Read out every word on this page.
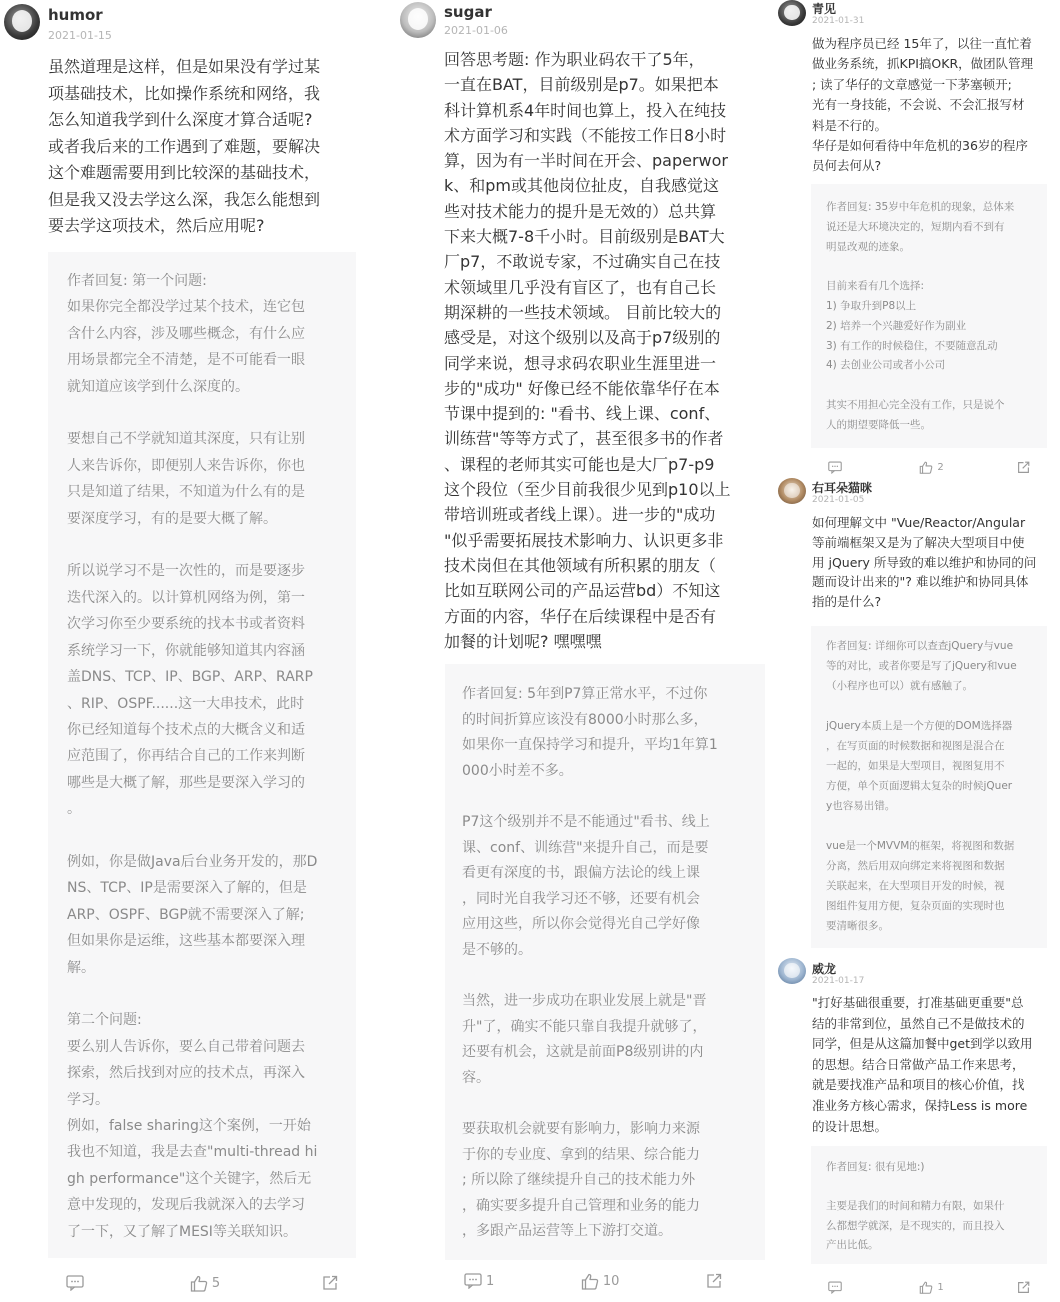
humor
2021-01-15

虽然道理是这样，但是如果没有学过某
项基础技术，比如操作系统和网络，我
怎么知道我学到什么深度才算合适呢?
或者我后来的工作遇到了难题，要解决
这个难题需要用到比较深的基础技术，
但是我又没去学这么深，我怎么能想到
要去学这项技术，然后应用呢?

作者回复: 第一个问题:
如果你完全都没学过某个技术，连它包
含什么内容，涉及哪些概念，有什么应
用场景都完全不清楚，是不可能看一眼
就知道应该学到什么深度的。

要想自己不学就知道其深度，只有让别
人来告诉你，即便别人来告诉你，你也
只是知道了结果，不知道为什么有的是
要深度学习，有的是要大概了解。

所以说学习不是一次性的，而是要逐步
迭代深入的。以计算机网络为例，第一
次学习你至少要系统的找本书或者资料
系统学习一下，你就能够知道其内容涵
盖DNS、TCP、IP、BGP、ARP、RARP
、RIP、OSPF......这一大串技术，此时
你已经知道每个技术点的大概含义和适
应范围了，你再结合自己的工作来判断
哪些是大概了解，那些是要深入学习的
。

例如，你是做Java后台业务开发的，那D
NS、TCP、IP是需要深入了解的，但是
ARP、OSPF、BGP就不需要深入了解;
但如果你是运维，这些基本都要深入理
解。

第二个问题:
要么别人告诉你，要么自己带着问题去
探索，然后找到对应的技术点，再深入
学习。
例如，false sharing这个案例，一开始
我也不知道，我是去查"multi-thread hi
gh performance"这个关键字，然后无
意中发现的，发现后我就深入的去学习
了一下，又了解了MESI等关联知识。

5
sugar
2021-01-06

回答思考题: 作为职业码农干了5年，
一直在BAT，目前级别是p7。如果把本
科计算机系4年时间也算上，投入在纯技
术方面学习和实践（不能按工作日8小时
算，因为有一半时间在开会、paperwor
k、和pm或其他岗位扯皮，自我感觉这
些对技术能力的提升是无效的）总共算
下来大概7-8千小时。目前级别是BAT大
厂p7，不敢说专家，不过确实自己在技
术领域里几乎没有盲区了，也有自己长
期深耕的一些技术领域。 目前比较大的
感受是，对这个级别以及高于p7级别的
同学来说，想寻求码农职业生涯里进一
步的"成功" 好像已经不能依靠华仔在本
节课中提到的: "看书、线上课、conf、
训练营"等等方式了，甚至很多书的作者
、课程的老师其实可能也是大厂p7-p9
这个段位（至少目前我很少见到p10以上
带培训班或者线上课）。进一步的"成功
"似乎需要拓展技术影响力、认识更多非
技术岗但在其他领域有所积累的朋友（
比如互联网公司的产品运营bd）不知这
方面的内容，华仔在后续课程中是否有
加餐的计划呢? 嘿嘿嘿

作者回复: 5年到P7算正常水平，不过你
的时间折算应该没有8000小时那么多，
如果你一直保持学习和提升，平均1年算1
000小时差不多。

P7这个级别并不是不能通过"看书、线上
课、conf、训练营"来提升自己，而是要
看更有深度的书，跟偏方法论的线上课
，同时光自我学习还不够，还要有机会
应用这些，所以你会觉得光自己学好像
是不够的。

当然，进一步成功在职业发展上就是"晋
升"了，确实不能只靠自我提升就够了，
还要有机会，这就是前面P8级别讲的内
容。

要获取机会就要有影响力，影响力来源
于你的专业度、拿到的结果、综合能力
; 所以除了继续提升自己的技术能力外
，确实要多提升自己管理和业务的能力
，多跟产品运营等上下游打交道。

1	10
青见
2021-01-31

做为程序员已经 15年了，以往一直忙着
做业务系统，抓KPI搞OKR，做团队管理
; 读了华仔的文章感觉一下茅塞顿开;
光有一身技能，不会说、不会汇报写材
料是不行的。
华仔是如何看待中年危机的36岁的程序
员何去何从?

作者回复: 35岁中年危机的现象，总体来
说还是大环境决定的，短期内看不到有
明显改观的迹象。

目前来看有几个选择:
1) 争取升到P8以上
2) 培养一个兴趣爱好作为副业
3) 有工作的时候稳住，不要随意乱动
4) 去创业公司或者小公司

其实不用担心完全没有工作，只是说个
人的期望要降低一些。

2
右耳朵猫咪
2021-01-05

如何理解文中 "Vue/Reactor/Angular
等前端框架又是为了解决大型项目中使
用 jQuery 所导致的难以维护和协同的问
题而设计出来的"? 难以维护和协同具体
指的是什么?

作者回复: 详细你可以查查jQuery与vue
等的对比，或者你要是写了jQuery和vue
（小程序也可以）就有感触了。

jQuery本质上是一个方便的DOM选择器
，在写页面的时候数据和视图是混合在
一起的，如果是大型项目，视图复用不
方便，单个页面逻辑太复杂的时候jQuer
y也容易出错。

vue是一个MVVM的框架，将视图和数据
分离，然后用双向绑定来将视图和数据
关联起来，在大型项目开发的时候，视
图组件复用方便，复杂页面的实现时也
要清晰很多。

威龙
2021-01-17

"打好基础很重要，打准基础更重要"总
结的非常到位，虽然自己不是做技术的
同学，但是从这篇加餐中get到学以致用
的思想。结合日常做产品工作来思考，
就是要找准产品和项目的核心价值，找
准业务方核心需求，保持Less is more
的设计思想。

作者回复: 很有见地:)

主要是我们的时间和精力有限，如果什
么都想学就深，是不现实的，而且投入
产出比低。

1
